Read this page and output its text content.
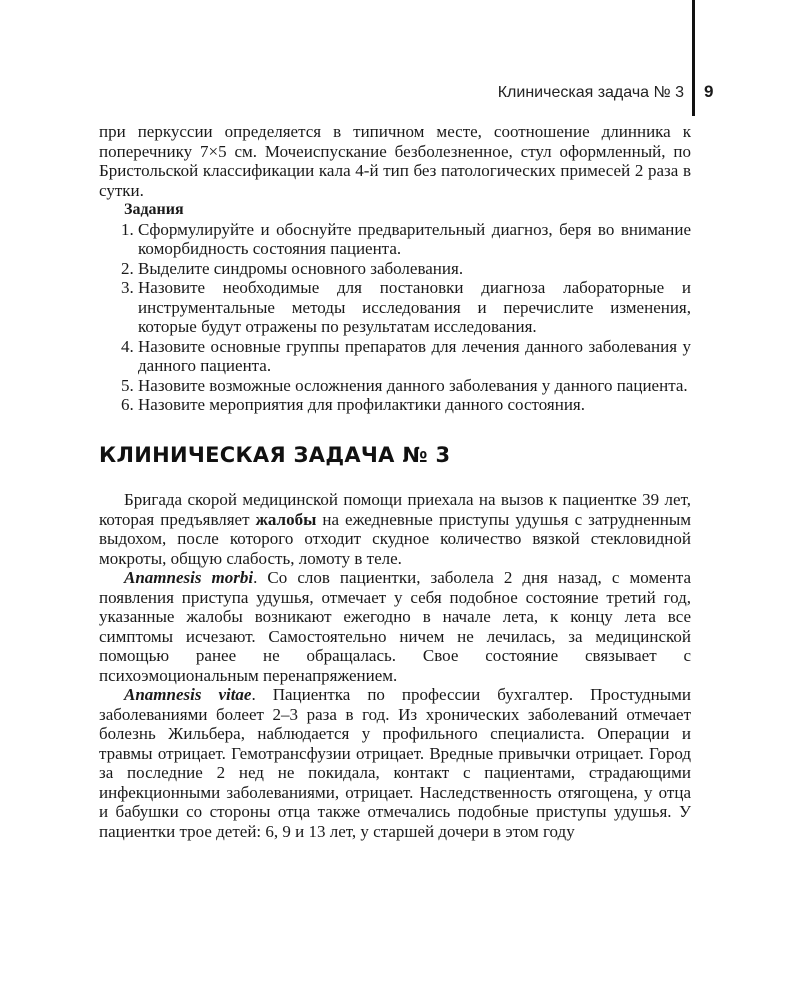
Клиническая задача № 3 9

при перкуссии определяется в типичном месте, соотношение длинника к поперечнику 7×5 см. Мочеиспускание безболезненное, стул оформленный, по Бристольской классификации кала 4-й тип без патологических примесей 2 раза в сутки.

Задания
1. Сформулируйте и обоснуйте предварительный диагноз, беря во внимание коморбидность состояния пациента.
2. Выделите синдромы основного заболевания.
3. Назовите необходимые для постановки диагноза лабораторные и инструментальные методы исследования и перечислите изменения, которые будут отражены по результатам исследования.
4. Назовите основные группы препаратов для лечения данного заболевания у данного пациента.
5. Назовите возможные осложнения данного заболевания у данного пациента.
6. Назовите мероприятия для профилактики данного состояния.
КЛИНИЧЕСКАЯ ЗАДАЧА № 3

Бригада скорой медицинской помощи приехала на вызов к пациентке 39 лет, которая предъявляет жалобы на ежедневные приступы удушья с затрудненным выдохом, после которого отходит скудное количество вязкой стекловидной мокроты, общую слабость, ломоту в теле.

Anamnesis morbi. Со слов пациентки, заболела 2 дня назад, с момента появления приступа удушья, отмечает у себя подобное состояние третий год, указанные жалобы возникают ежегодно в начале лета, к концу лета все симптомы исчезают. Самостоятельно ничем не лечилась, за медицинской помощью ранее не обращалась. Свое состояние связывает с психоэмоциональным перенапряжением.

Anamnesis vitae. Пациентка по профессии бухгалтер. Простудными заболеваниями болеет 2–3 раза в год. Из хронических заболеваний отмечает болезнь Жильбера, наблюдается у профильного специалиста. Операции и травмы отрицает. Гемотрансфузии отрицает. Вредные привычки отрицает. Город за последние 2 нед не покидала, контакт с пациентами, страдающими инфекционными заболеваниями, отрицает. Наследственность отягощена, у отца и бабушки со стороны отца также отмечались подобные приступы удушья. У пациентки трое детей: 6, 9 и 13 лет, у старшей дочери в этом году
